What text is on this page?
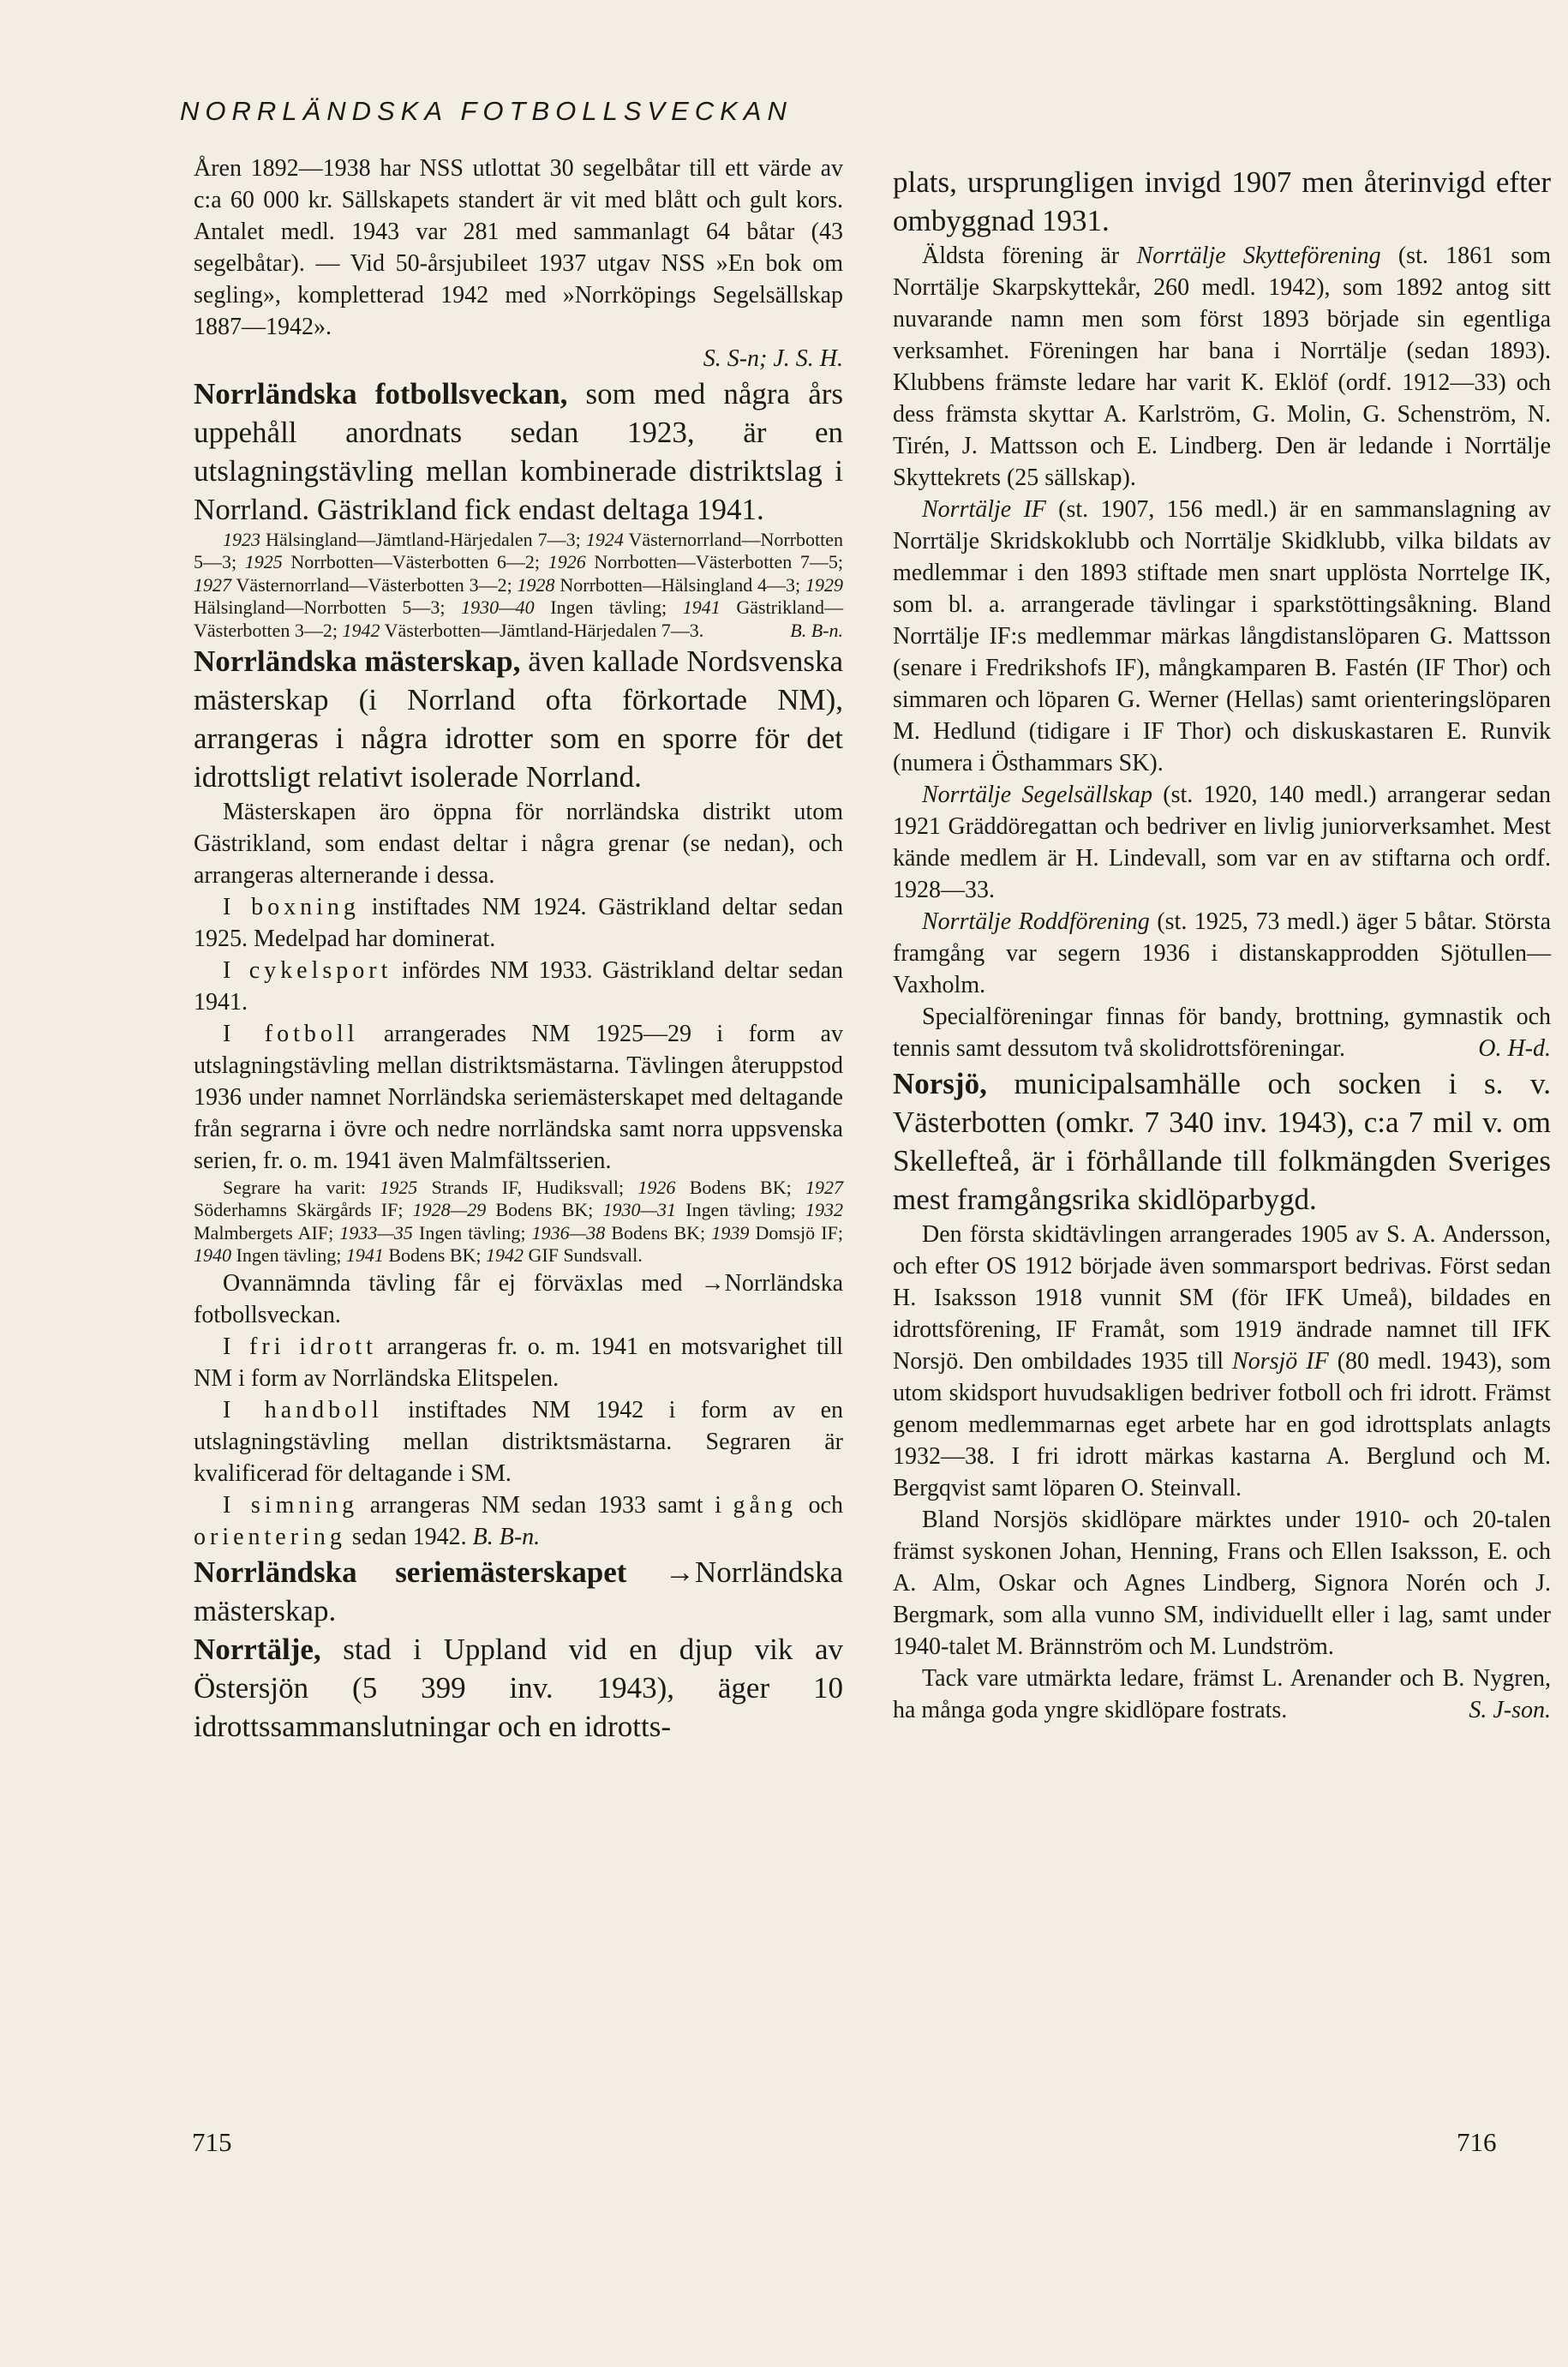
NORRLÄNDSKA FOTBOLLSVECKAN

Åren 1892—1938 har NSS utlottat 30 segelbåtar till ett värde av c:a 60 000 kr. Sällskapets standert är vit med blått och gult kors. Antalet medl. 1943 var 281 med sammanlagt 64 båtar (43 segelbåtar). — Vid 50-årsjubileet 1937 utgav NSS »En bok om segling», kompletterad 1942 med »Norrköpings Segelsällskap 1887—1942».

S. S-n; J. S. H.

Norrländska fotbollsveckan, som med några års uppehåll anordnats sedan 1923, är en utslagningstävling mellan kombinerade distriktslag i Norrland. Gästrikland fick endast deltaga 1941.

1923 Hälsingland—Jämtland-Härjedalen 7—3; 1924 Västernorrland—Norrbotten 5—3; 1925 Norrbotten—Västerbotten 6—2; 1926 Norrbotten—Västerbotten 7—5; 1927 Västernorrland—Västerbotten 3—2; 1928 Norrbotten—Hälsingland 4—3; 1929 Hälsingland—Norrbotten 5—3; 1930—40 Ingen tävling; 1941 Gästrikland—Västerbotten 3—2; 1942 Västerbotten—Jämtland-Härjedalen 7—3.	B. B-n.

Norrländska mästerskap, även kallade Nordsvenska mästerskap (i Norrland ofta förkortade NM), arrangeras i några idrotter som en sporre för det idrottsligt relativt isolerade Norrland.

Mästerskapen äro öppna för norrländska distrikt utom Gästrikland, som endast deltar i några grenar (se nedan), och arrangeras alternerande i dessa.

I boxning instiftades NM 1924. Gästrikland deltar sedan 1925. Medelpad har dominerat.

I cykelsport infördes NM 1933. Gästrikland deltar sedan 1941.

I fotboll arrangerades NM 1925—29 i form av utslagningstävling mellan distriktsmästarna. Tävlingen återuppstod 1936 under namnet Norrländska seriemästerskapet med deltagande från segrarna i övre och nedre norrländska samt norra uppsvenska serien, fr. o. m. 1941 även Malmfältsserien.

Segrare ha varit: 1925 Strands IF, Hudiksvall; 1926 Bodens BK; 1927 Söderhamns Skärgårds IF; 1928—29 Bodens BK; 1930—31 Ingen tävling; 1932 Malmbergets AIF; 1933—35 Ingen tävling; 1936—38 Bodens BK; 1939 Domsjö IF; 1940 Ingen tävling; 1941 Bodens BK; 1942 GIF Sundsvall.

Ovannämnda tävling får ej förväxlas med →Norrländska fotbollsveckan.

I fri idrott arrangeras fr. o. m. 1941 en motsvarighet till NM i form av Norrländska Elitspelen.

I handboll instiftades NM 1942 i form av en utslagningstävling mellan distriktsmästarna. Segraren är kvalificerad för deltagande i SM.

I simning arrangeras NM sedan 1933 samt i gång och orientering sedan 1942. B. B-n.

Norrländska seriemästerskapet →Norrländska mästerskap.

Norrtälje, stad i Uppland vid en djup vik av Östersjön (5 399 inv. 1943), äger 10 idrottssammanslutningar och en idrotts-

plats, ursprungligen invigd 1907 men återinvigd efter ombyggnad 1931.

Äldsta förening är Norrtälje Skytteförening (st. 1861 som Norrtälje Skarpskyttekår, 260 medl. 1942), som 1892 antog sitt nuvarande namn men som först 1893 började sin egentliga verksamhet. Föreningen har bana i Norrtälje (sedan 1893). Klubbens främste ledare har varit K. Eklöf (ordf. 1912—33) och dess främsta skyttar A. Karlström, G. Molin, G. Schenström, N. Tirén, J. Mattsson och E. Lindberg. Den är ledande i Norrtälje Skyttekrets (25 sällskap).

Norrtälje IF (st. 1907, 156 medl.) är en sammanslagning av Norrtälje Skridskoklubb och Norrtälje Skidklubb, vilka bildats av medlemmar i den 1893 stiftade men snart upplösta Norrtelge IK, som bl. a. arrangerade tävlingar i sparkstöttingsåkning. Bland Norrtälje IF:s medlemmar märkas långdistanslöparen G. Mattsson (senare i Fredrikshofs IF), mångkamparen B. Fastén (IF Thor) och simmaren och löparen G. Werner (Hellas) samt orienteringslöparen M. Hedlund (tidigare i IF Thor) och diskuskastaren E. Runvik (numera i Östhammars SK).

Norrtälje Segelsällskap (st. 1920, 140 medl.) arrangerar sedan 1921 Gräddöregattan och bedriver en livlig juniorverksamhet. Mest kände medlem är H. Lindevall, som var en av stiftarna och ordf. 1928—33.

Norrtälje Roddförening (st. 1925, 73 medl.) äger 5 båtar. Största framgång var segern 1936 i distanskapprodden Sjötullen—Vaxholm.

Specialföreningar finnas för bandy, brottning, gymnastik och tennis samt dessutom två skolidrottsföreningar.	O. H-d.

Norsjö, municipalsamhälle och socken i s. v. Västerbotten (omkr. 7 340 inv. 1943), c:a 7 mil v. om Skellefteå, är i förhållande till folkmängden Sveriges mest framgångsrika skidlöparbygd.

Den första skidtävlingen arrangerades 1905 av S. A. Andersson, och efter OS 1912 började även sommarsport bedrivas. Först sedan H. Isaksson 1918 vunnit SM (för IFK Umeå), bildades en idrottsförening, IF Framåt, som 1919 ändrade namnet till IFK Norsjö. Den ombildades 1935 till Norsjö IF (80 medl. 1943), som utom skidsport huvudsakligen bedriver fotboll och fri idrott. Främst genom medlemmarnas eget arbete har en god idrottsplats anlagts 1932—38. I fri idrott märkas kastarna A. Berglund och M. Bergqvist samt löparen O. Steinvall.

Bland Norsjös skidlöpare märktes under 1910- och 20-talen främst syskonen Johan, Henning, Frans och Ellen Isaksson, E. och A. Alm, Oskar och Agnes Lindberg, Signora Norén och J. Bergmark, som alla vunno SM, individuellt eller i lag, samt under 1940-talet M. Brännström och M. Lundström.

Tack vare utmärkta ledare, främst L. Arenander och B. Nygren, ha många goda yngre skidlöpare fostrats.	S. J-son.

715	716
